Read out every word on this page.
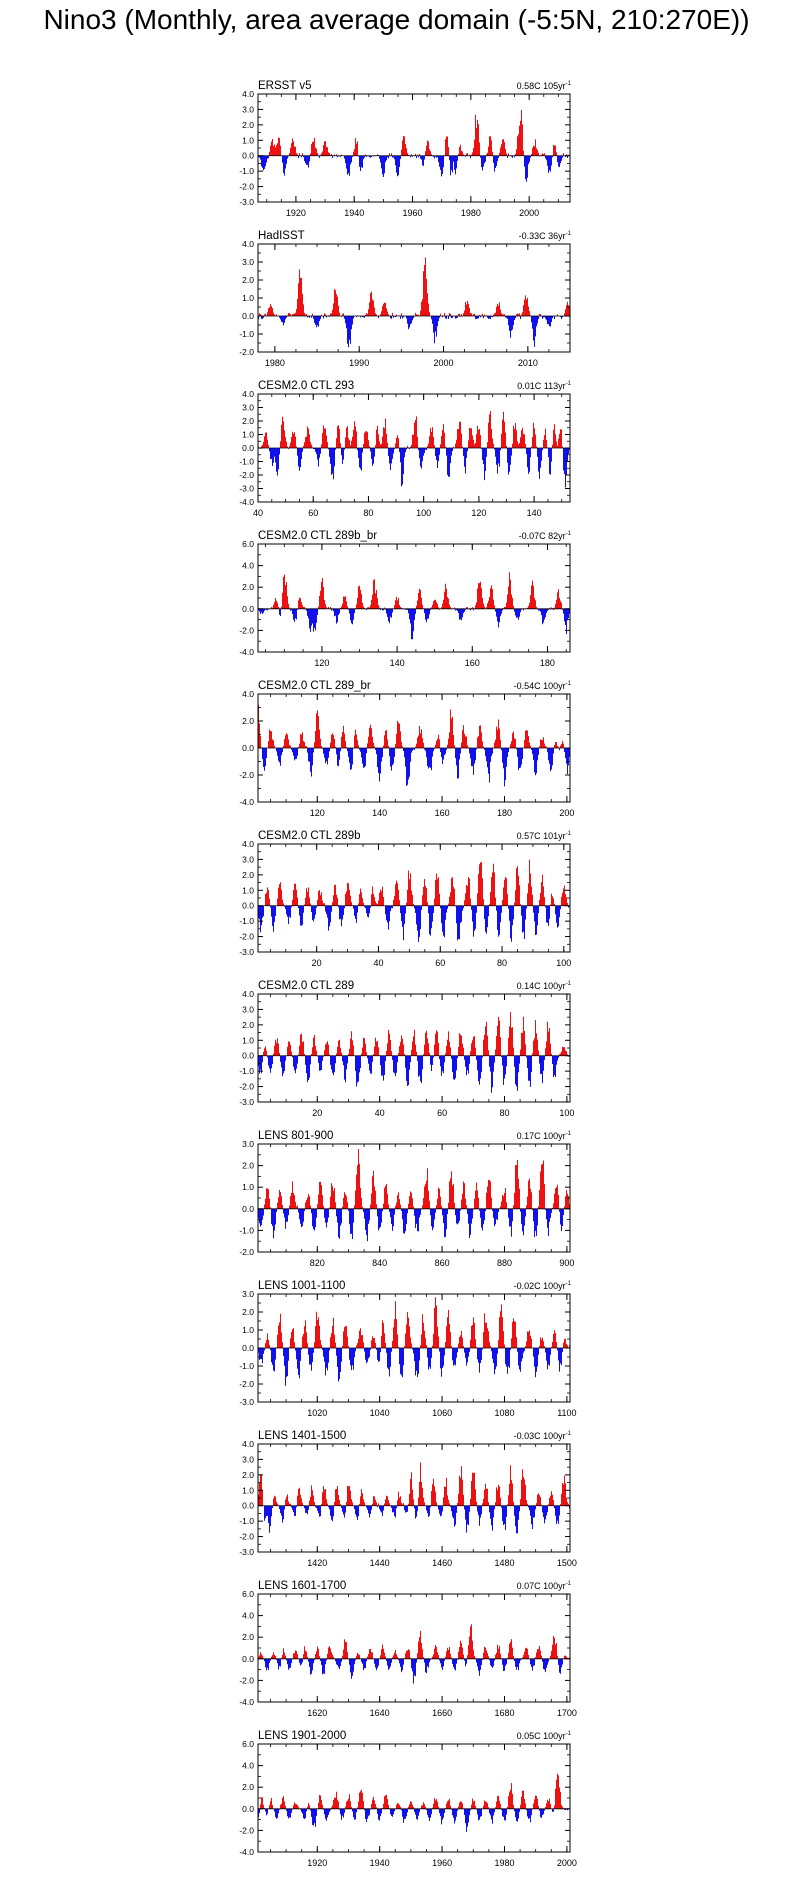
Nino3 (Monthly, area average domain (-5:5N, 210:270E))
ERSST v5	0.58C $105yr^{-1}$
4.0
3.0
2.0
1.0
0.0
-1.0
-2.0
-3.0
1920	1940	1960	1980	2000
HadISST	-0.33C $36yr^{-1}$
4.0
3.0
2.0
1.0
0.0
-1.0
-2.0
1980	1990	2000	2010
CESM2.0 CTL 293	0.01C $113yr^{-1}$
4.0
3.0
2.0
1.0
0.0
-1.0
-2.0
-3.0
-4.0
40	60	80	100	120	140
CESM2.0 CTL 289b_br	-0.07C $82yr^{-1}$
6.0
4.0
2.0
0.0
-2.0
-4.0
120	140	160	180
CESM2.0 CTL 289_br	-0.54C $100yr^{-1}$
4.0
2.0
0.0
-2.0
-4.0
120	140	160	180	200
CESM2.0 CTL 289b	0.57C $101yr^{-1}$
4.0
3.0
2.0
1.0
0.0
-1.0
-2.0
-3.0
20	40	60	80	100
CESM2.0 CTL 289	0.14C $100yr^{-1}$
4.0
3.0
2.0
1.0
0.0
-1.0
-2.0
-3.0
20	40	60	80	100
LENS 801-900	0.17C $100yr^{-1}$
3.0
2.0
1.0
0.0
-1.0
-2.0
820	840	860	880	900
LENS 1001-1100	-0.02C $100yr^{-1}$
3.0
2.0
1.0
0.0
-1.0
-2.0
-3.0
1020	1040	1060	1080	1100
LENS 1401-1500	-0.03C $100yr^{-1}$
4.0
3.0
2.0
1.0
0.0
-1.0
-2.0
-3.0
1420	1440	1460	1480	1500
LENS 1601-1700	0.07C $100yr^{-1}$
6.0
4.0
2.0
0.0
-2.0
-4.0
1620	1640	1660	1680	1700
LENS 1901-2000	0.05C $100yr^{-1}$
6.0
4.0
2.0
0.0
-2.0
-4.0
1920	1940	1960	1980	2000
